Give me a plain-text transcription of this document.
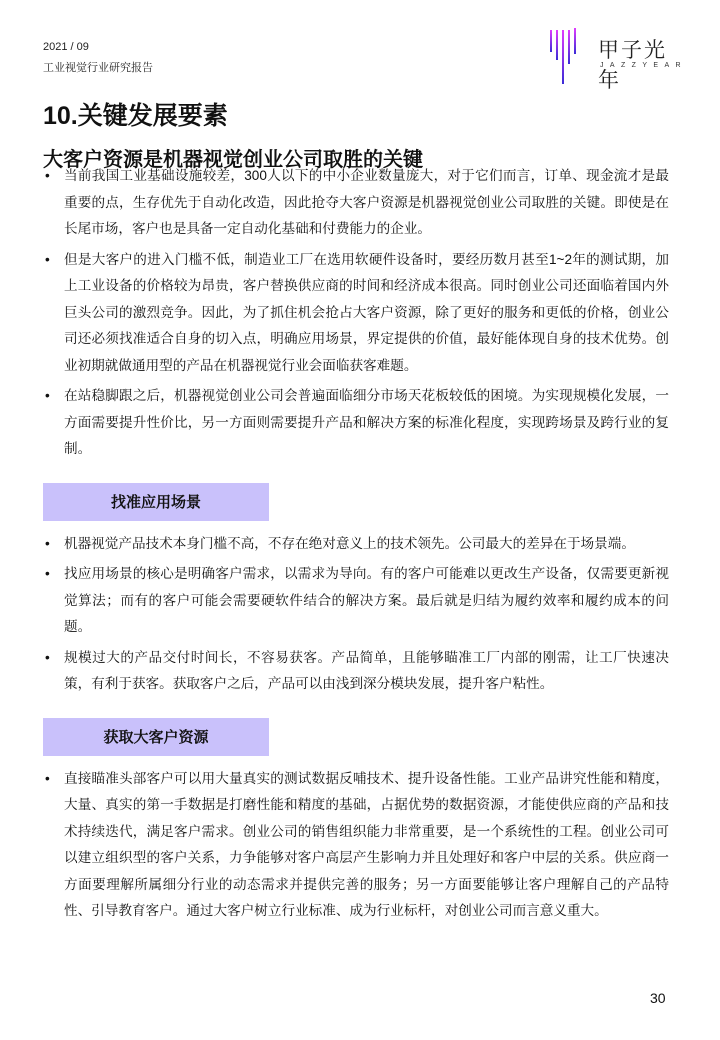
2021 / 09
工业视觉行业研究报告
甲子光年
JAZZYEAR
10.关键发展要素
大客户资源是机器视觉创业公司取胜的关键
• 当前我国工业基础设施较差，300人以下的中小企业数量庞大，对于它们而言，订单、现金流才是最重要的点，生存优先于自动化改造，因此抢夺大客户资源是机器视觉创业公司取胜的关键。即使是在长尾市场，客户也是具备一定自动化基础和付费能力的企业。
• 但是大客户的进入门槛不低，制造业工厂在选用软硬件设备时，要经历数月甚至1~2年的测试期，加上工业设备的价格较为昂贵，客户替换供应商的时间和经济成本很高。同时创业公司还面临着国内外巨头公司的激烈竞争。因此，为了抓住机会抢占大客户资源，除了更好的服务和更低的价格，创业公司还必须找准适合自身的切入点，明确应用场景，界定提供的价值，最好能体现自身的技术优势。创业初期就做通用型的产品在机器视觉行业会面临获客难题。
• 在站稳脚跟之后，机器视觉创业公司会普遍面临细分市场天花板较低的困境。为实现规模化发展，一方面需要提升性价比，另一方面则需要提升产品和解决方案的标准化程度，实现跨场景及跨行业的复制。
找准应用场景
• 机器视觉产品技术本身门槛不高，不存在绝对意义上的技术领先。公司最大的差异在于场景端。
• 找应用场景的核心是明确客户需求，以需求为导向。有的客户可能难以更改生产设备，仅需要更新视觉算法；而有的客户可能会需要硬软件结合的解决方案。最后就是归结为履约效率和履约成本的问题。
• 规模过大的产品交付时间长，不容易获客。产品简单，且能够瞄准工厂内部的刚需，让工厂快速决策，有利于获客。获取客户之后，产品可以由浅到深分模块发展，提升客户粘性。
获取大客户资源
• 直接瞄准头部客户可以用大量真实的测试数据反哺技术、提升设备性能。工业产品讲究性能和精度，大量、真实的第一手数据是打磨性能和精度的基础，占据优势的数据资源，才能使供应商的产品和技术持续迭代，满足客户需求。创业公司的销售组织能力非常重要，是一个系统性的工程。创业公司可以建立组织型的客户关系，力争能够对客户高层产生影响力并且处理好和客户中层的关系。供应商一方面要理解所属细分行业的动态需求并提供完善的服务；另一方面要能够让客户理解自己的产品特性、引导教育客户。通过大客户树立行业标准、成为行业标杆，对创业公司而言意义重大。
30
